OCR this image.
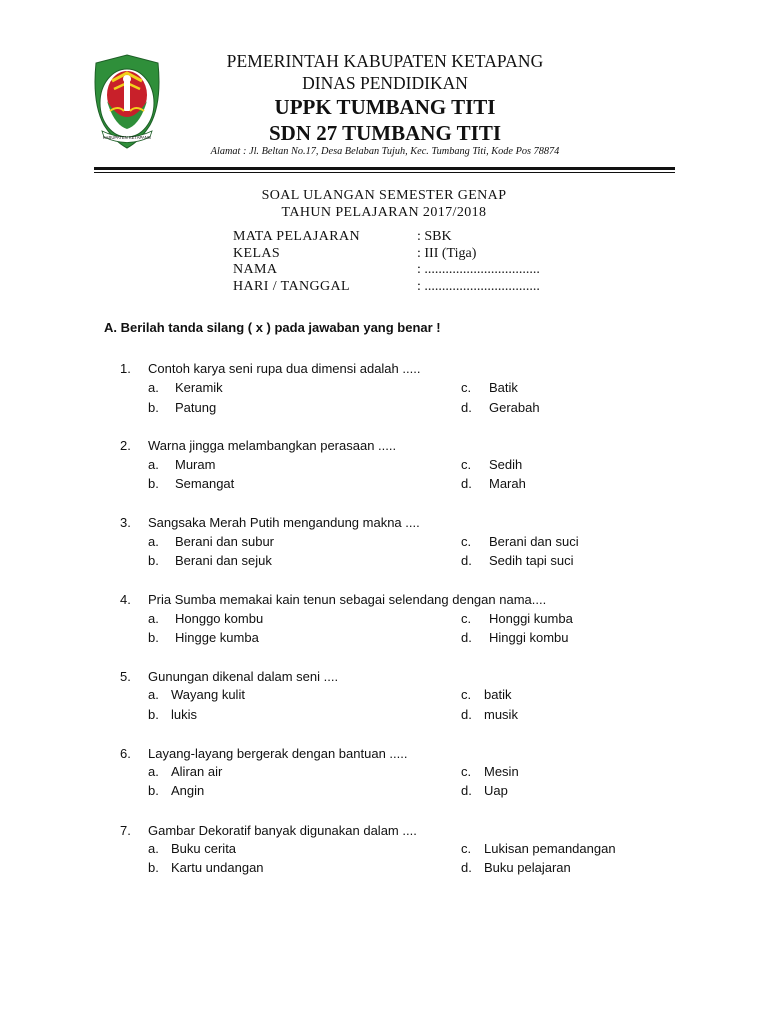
KABUPATEN KETAPANG
PEMERINTAH KABUPATEN KETAPANG
DINAS PENDIDIKAN
UPPK TUMBANG TITI
SDN 27 TUMBANG TITI
Alamat : Jl. Beltan No.17, Desa Belaban Tujuh, Kec. Tumbang Titi, Kode Pos 78874
SOAL ULANGAN SEMESTER GENAP
TAHUN PELAJARAN 2017/2018
MATA PELAJARAN	: SBK
KELAS	: III (Tiga)
NAMA	: .................................
HARI / TANGGAL	: .................................
A. Berilah tanda silang ( x ) pada jawaban yang benar !
1. Contoh karya seni rupa dua dimensi adalah .....
a. Keramik	c. Batik
b. Patung	d. Gerabah
2. Warna jingga melambangkan perasaan .....
a. Muram	c. Sedih
b. Semangat	d. Marah
3. Sangsaka Merah Putih mengandung makna ....
a. Berani dan subur	c. Berani dan suci
b. Berani dan sejuk	d. Sedih tapi suci
4. Pria Sumba memakai kain tenun sebagai selendang dengan nama....
a. Honggo kombu	c. Honggi kumba
b. Hingge kumba	d. Hinggi kombu
5. Gunungan dikenal dalam seni ....
a. Wayang kulit	c. batik
b. lukis	d. musik
6. Layang-layang bergerak dengan bantuan .....
a. Aliran air	c. Mesin
b. Angin	d. Uap
7. Gambar Dekoratif banyak digunakan dalam ....
a. Buku cerita	c. Lukisan pemandangan
b. Kartu undangan	d. Buku pelajaran
